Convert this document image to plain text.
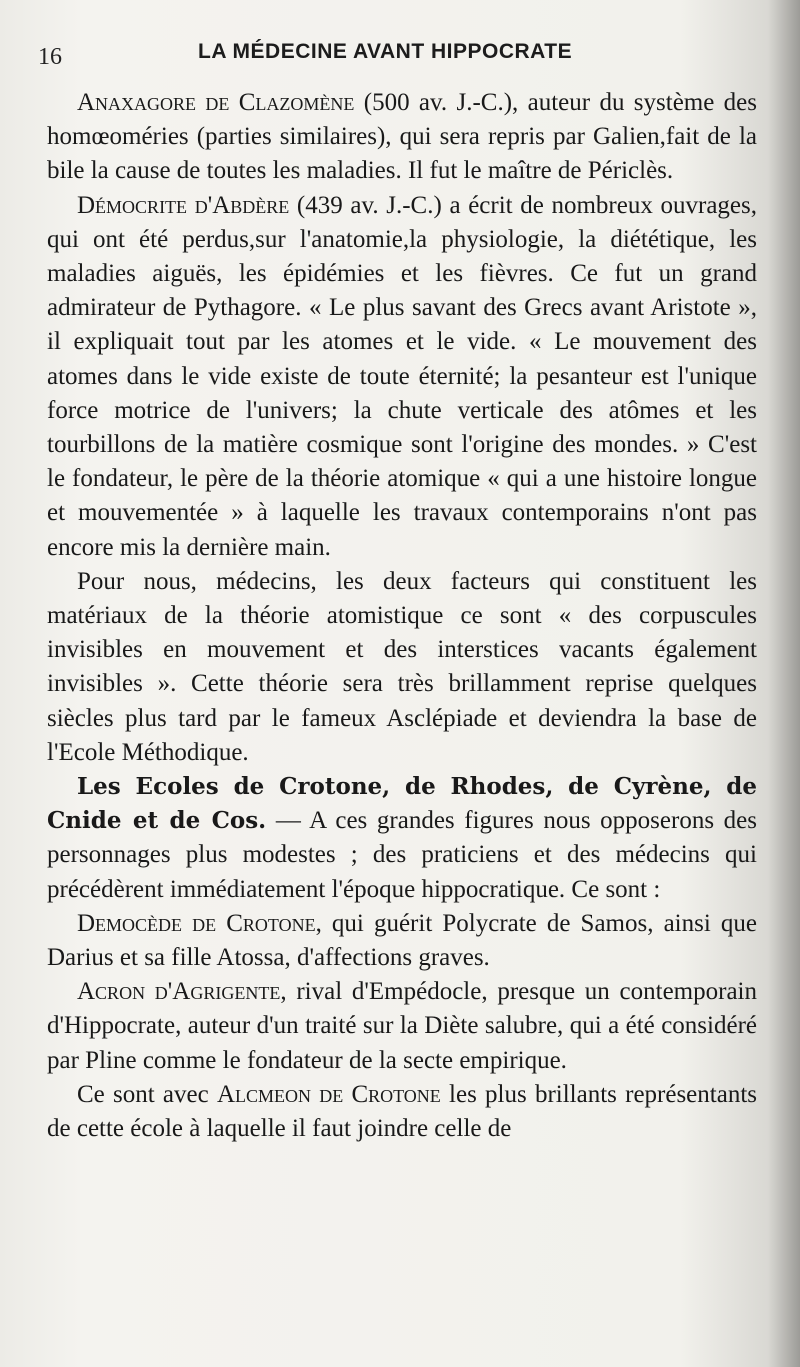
16	LA MÉDECINE AVANT HIPPOCRATE

Anaxagore de Clazomène (500 av. J.-C.), auteur du système des homœoméries (parties similaires), qui sera repris par Galien,fait de la bile la cause de toutes les maladies. Il fut le maître de Périclès.

Démocrite d'Abdère (439 av. J.-C.) a écrit de nombreux ouvrages, qui ont été perdus,sur l'anatomie,la physiologie, la diététique, les maladies aiguës, les épidémies et les fièvres. Ce fut un grand admirateur de Pythagore. « Le plus savant des Grecs avant Aristote », il expliquait tout par les atomes et le vide. « Le mouvement des atomes dans le vide existe de toute éternité; la pesanteur est l'unique force motrice de l'univers; la chute verticale des atômes et les tourbillons de la matière cosmique sont l'origine des mondes. » C'est le fondateur, le père de la théorie atomique « qui a une histoire longue et mouvementée » à laquelle les travaux contemporains n'ont pas encore mis la dernière main.

Pour nous, médecins, les deux facteurs qui constituent les matériaux de la théorie atomistique ce sont « des corpuscules invisibles en mouvement et des interstices vacants également invisibles ». Cette théorie sera très brillamment reprise quelques siècles plus tard par le fameux Asclépiade et deviendra la base de l'Ecole Méthodique.

Les Ecoles de Crotone, de Rhodes, de Cyrène, de Cnide et de Cos. — A ces grandes figures nous opposerons des personnages plus modestes ; des praticiens et des médecins qui précédèrent immédiatement l'époque hippocratique. Ce sont :

Democède de Crotone, qui guérit Polycrate de Samos, ainsi que Darius et sa fille Atossa, d'affections graves.

Acron d'Agrigente, rival d'Empédocle, presque un contemporain d'Hippocrate, auteur d'un traité sur la Diète salubre, qui a été considéré par Pline comme le fondateur de la secte empirique.

Ce sont avec Alcmeon de Crotone les plus brillants représentants de cette école à laquelle il faut joindre celle de
